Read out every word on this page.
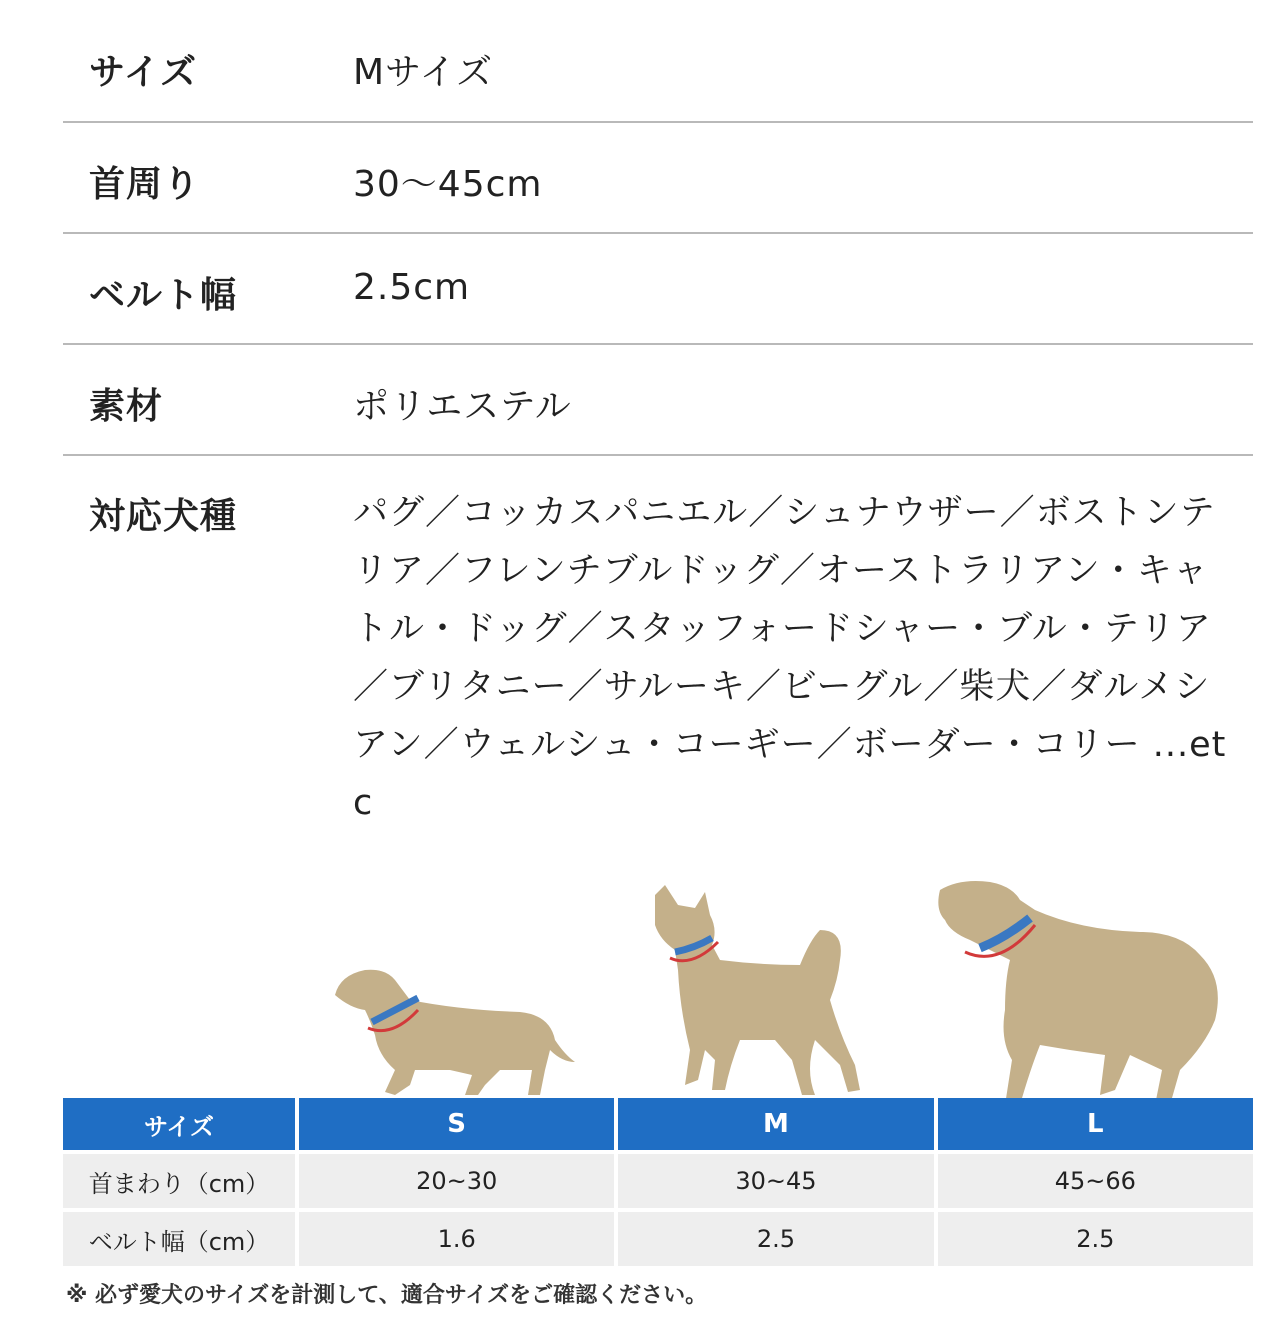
サイズ	Mサイズ
首周り	30〜45cm
ベルト幅	2.5cm
素材	ポリエステル
対応犬種	パグ／コッカスパニエル／シュナウザー／ボストンテリア／フレンチブルドッグ／オーストラリアン・キャトル・ドッグ／スタッフォードシャー・ブル・テリア／ブリタニー／サルーキ／ビーグル／柴犬／ダルメシアン／ウェルシュ・コーギー／ボーダー・コリー ...etc
サイズ	S	M	L
首まわり（cm）	20~30	30~45	45~66
ベルト幅（cm）	1.6	2.5	2.5
※ 必ず愛犬のサイズを計測して、適合サイズをご確認ください。
